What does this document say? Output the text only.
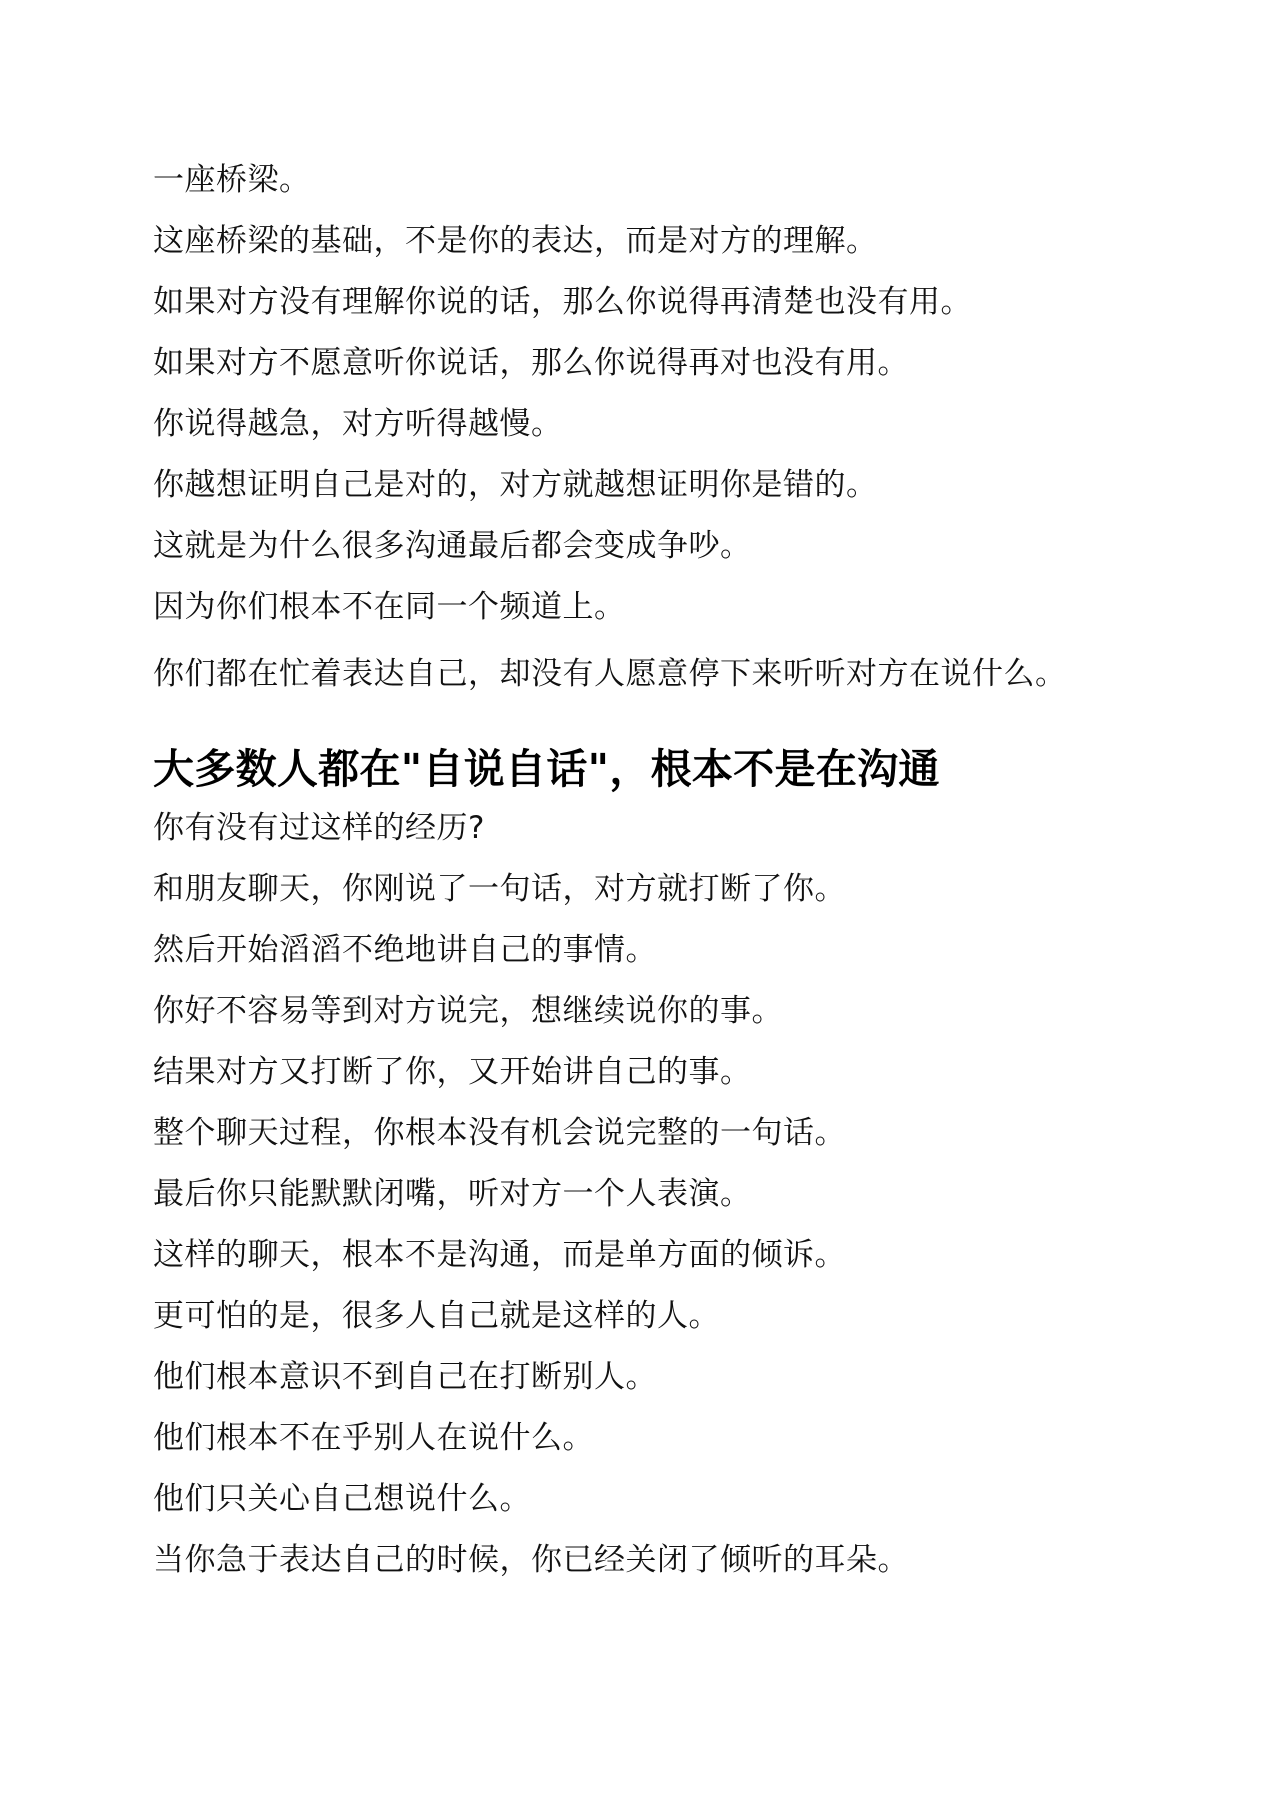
一座桥梁。

这座桥梁的基础，不是你的表达，而是对方的理解。

如果对方没有理解你说的话，那么你说得再清楚也没有用。

如果对方不愿意听你说话，那么你说得再对也没有用。

你说得越急，对方听得越慢。

你越想证明自己是对的，对方就越想证明你是错的。

这就是为什么很多沟通最后都会变成争吵。

因为你们根本不在同一个频道上。

你们都在忙着表达自己，却没有人愿意停下来听听对方在说什么。

大多数人都在"自说自话"，根本不是在沟通

你有没有过这样的经历?

和朋友聊天，你刚说了一句话，对方就打断了你。

然后开始滔滔不绝地讲自己的事情。

你好不容易等到对方说完，想继续说你的事。

结果对方又打断了你，又开始讲自己的事。

整个聊天过程，你根本没有机会说完整的一句话。

最后你只能默默闭嘴，听对方一个人表演。

这样的聊天，根本不是沟通，而是单方面的倾诉。

更可怕的是，很多人自己就是这样的人。

他们根本意识不到自己在打断别人。

他们根本不在乎别人在说什么。

他们只关心自己想说什么。

当你急于表达自己的时候，你已经关闭了倾听的耳朵。
